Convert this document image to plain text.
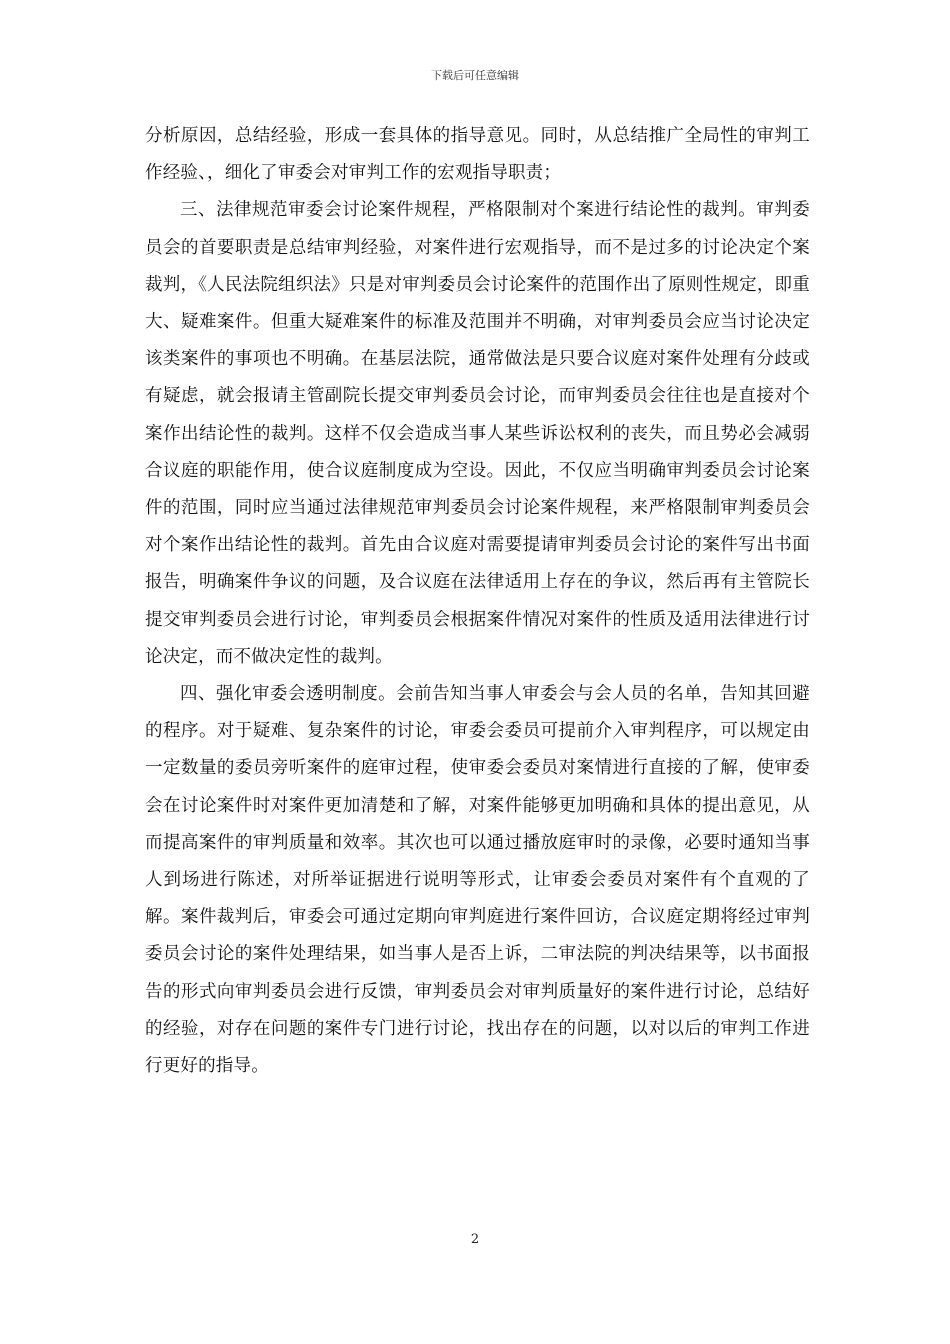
下载后可任意编辑

分析原因，总结经验，形成一套具体的指导意见。同时，从总结推广全局性的审判工作经验、，细化了审委会对审判工作的宏观指导职责；

三、法律规范审委会讨论案件规程，严格限制对个案进行结论性的裁判。审判委员会的首要职责是总结审判经验，对案件进行宏观指导，而不是过多的讨论决定个案裁判，《人民法院组织法》只是对审判委员会讨论案件的范围作出了原则性规定，即重大、疑难案件。但重大疑难案件的标准及范围并不明确，对审判委员会应当讨论决定该类案件的事项也不明确。在基层法院，通常做法是只要合议庭对案件处理有分歧或有疑虑，就会报请主管副院长提交审判委员会讨论，而审判委员会往往也是直接对个案作出结论性的裁判。这样不仅会造成当事人某些诉讼权利的丧失，而且势必会减弱合议庭的职能作用，使合议庭制度成为空设。因此，不仅应当明确审判委员会讨论案件的范围，同时应当通过法律规范审判委员会讨论案件规程，来严格限制审判委员会对个案作出结论性的裁判。首先由合议庭对需要提请审判委员会讨论的案件写出书面报告，明确案件争议的问题，及合议庭在法律适用上存在的争议，然后再有主管院长提交审判委员会进行讨论，审判委员会根据案件情况对案件的性质及适用法律进行讨论决定，而不做决定性的裁判。

四、强化审委会透明制度。会前告知当事人审委会与会人员的名单，告知其回避的程序。对于疑难、复杂案件的讨论，审委会委员可提前介入审判程序，可以规定由一定数量的委员旁听案件的庭审过程，使审委会委员对案情进行直接的了解，使审委会在讨论案件时对案件更加清楚和了解，对案件能够更加明确和具体的提出意见，从而提高案件的审判质量和效率。其次也可以通过播放庭审时的录像，必要时通知当事人到场进行陈述，对所举证据进行说明等形式，让审委会委员对案件有个直观的了解。案件裁判后，审委会可通过定期向审判庭进行案件回访，合议庭定期将经过审判委员会讨论的案件处理结果，如当事人是否上诉，二审法院的判决结果等，以书面报告的形式向审判委员会进行反馈，审判委员会对审判质量好的案件进行讨论，总结好的经验，对存在问题的案件专门进行讨论，找出存在的问题，以对以后的审判工作进行更好的指导。

2
